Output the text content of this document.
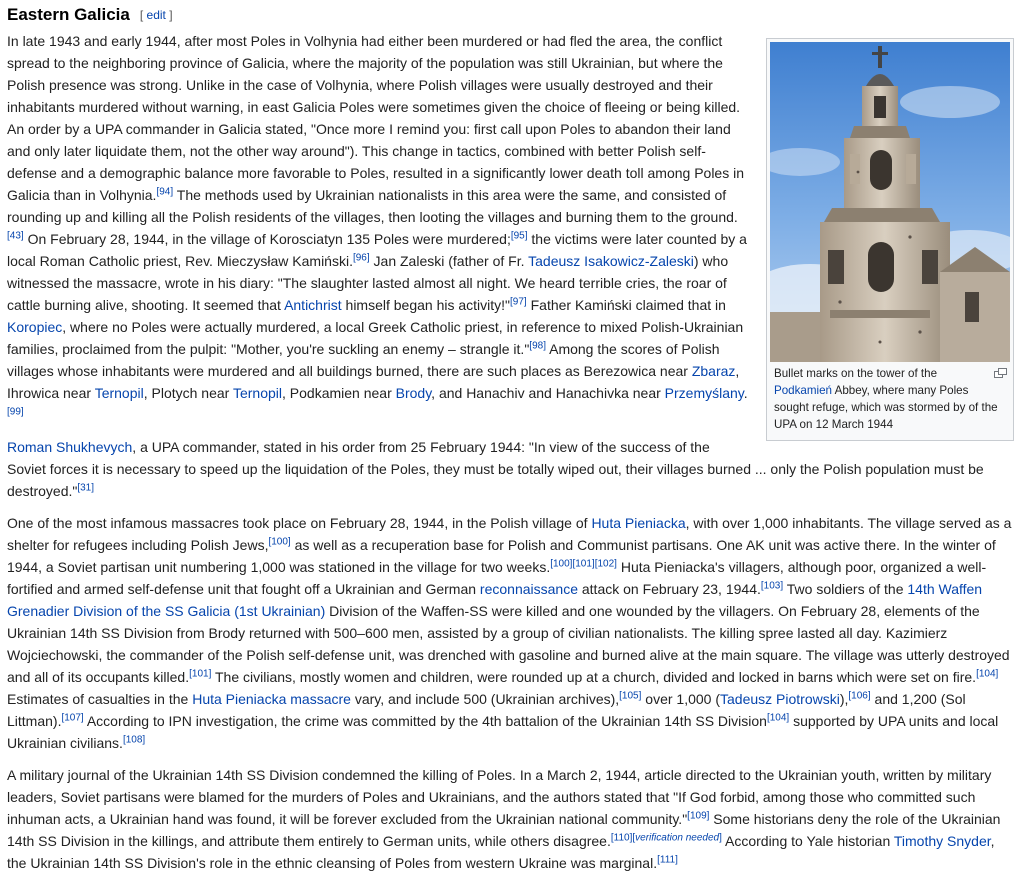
Eastern Galicia [ edit ]
Bullet marks on the tower of the Podkamień Abbey, where many Poles sought refuge, which was stormed by of the UPA on 12 March 1944

In late 1943 and early 1944, after most Poles in Volhynia had either been murdered or had fled the area, the conflict spread to the neighboring province of Galicia, where the majority of the population was still Ukrainian, but where the Polish presence was strong. Unlike in the case of Volhynia, where Polish villages were usually destroyed and their inhabitants murdered without warning, in east Galicia Poles were sometimes given the choice of fleeing or being killed. An order by a UPA commander in Galicia stated, "Once more I remind you: first call upon Poles to abandon their land and only later liquidate them, not the other way around"). This change in tactics, combined with better Polish self-defense and a demographic balance more favorable to Poles, resulted in a significantly lower death toll among Poles in Galicia than in Volhynia.[94] The methods used by Ukrainian nationalists in this area were the same, and consisted of rounding up and killing all the Polish residents of the villages, then looting the villages and burning them to the ground.[43] On February 28, 1944, in the village of Korosciatyn 135 Poles were murdered;[95] the victims were later counted by a local Roman Catholic priest, Rev. Mieczysław Kamiński.[96] Jan Zaleski (father of Fr. Tadeusz Isakowicz-Zaleski) who witnessed the massacre, wrote in his diary: "The slaughter lasted almost all night. We heard terrible cries, the roar of cattle burning alive, shooting. It seemed that Antichrist himself began his activity!"[97] Father Kamiński claimed that in Koropiec, where no Poles were actually murdered, a local Greek Catholic priest, in reference to mixed Polish-Ukrainian families, proclaimed from the pulpit: "Mother, you're suckling an enemy – strangle it."[98] Among the scores of Polish villages whose inhabitants were murdered and all buildings burned, there are such places as Berezowica near Zbaraz, Ihrowica near Ternopil, Plotych near Ternopil, Podkamien near Brody, and Hanachiv and Hanachivka near Przemyślany.[99]

Roman Shukhevych, a UPA commander, stated in his order from 25 February 1944: "In view of the success of the Soviet forces it is necessary to speed up the liquidation of the Poles, they must be totally wiped out, their villages burned ... only the Polish population must be destroyed."[31]

One of the most infamous massacres took place on February 28, 1944, in the Polish village of Huta Pieniacka, with over 1,000 inhabitants. The village served as a shelter for refugees including Polish Jews,[100] as well as a recuperation base for Polish and Communist partisans. One AK unit was active there. In the winter of 1944, a Soviet partisan unit numbering 1,000 was stationed in the village for two weeks.[100][101][102] Huta Pieniacka's villagers, although poor, organized a well-fortified and armed self-defense unit that fought off a Ukrainian and German reconnaissance attack on February 23, 1944.[103] Two soldiers of the 14th Waffen Grenadier Division of the SS Galicia (1st Ukrainian) Division of the Waffen-SS were killed and one wounded by the villagers. On February 28, elements of the Ukrainian 14th SS Division from Brody returned with 500–600 men, assisted by a group of civilian nationalists. The killing spree lasted all day. Kazimierz Wojciechowski, the commander of the Polish self-defense unit, was drenched with gasoline and burned alive at the main square. The village was utterly destroyed and all of its occupants killed.[101] The civilians, mostly women and children, were rounded up at a church, divided and locked in barns which were set on fire.[104] Estimates of casualties in the Huta Pieniacka massacre vary, and include 500 (Ukrainian archives),[105] over 1,000 (Tadeusz Piotrowski),[106] and 1,200 (Sol Littman).[107] According to IPN investigation, the crime was committed by the 4th battalion of the Ukrainian 14th SS Division[104] supported by UPA units and local Ukrainian civilians.[108]

A military journal of the Ukrainian 14th SS Division condemned the killing of Poles. In a March 2, 1944, article directed to the Ukrainian youth, written by military leaders, Soviet partisans were blamed for the murders of Poles and Ukrainians, and the authors stated that "If God forbid, among those who committed such inhuman acts, a Ukrainian hand was found, it will be forever excluded from the Ukrainian national community."[109] Some historians deny the role of the Ukrainian 14th SS Division in the killings, and attribute them entirely to German units, while others disagree.[110][verification needed] According to Yale historian Timothy Snyder, the Ukrainian 14th SS Division's role in the ethnic cleansing of Poles from western Ukraine was marginal.[111]
